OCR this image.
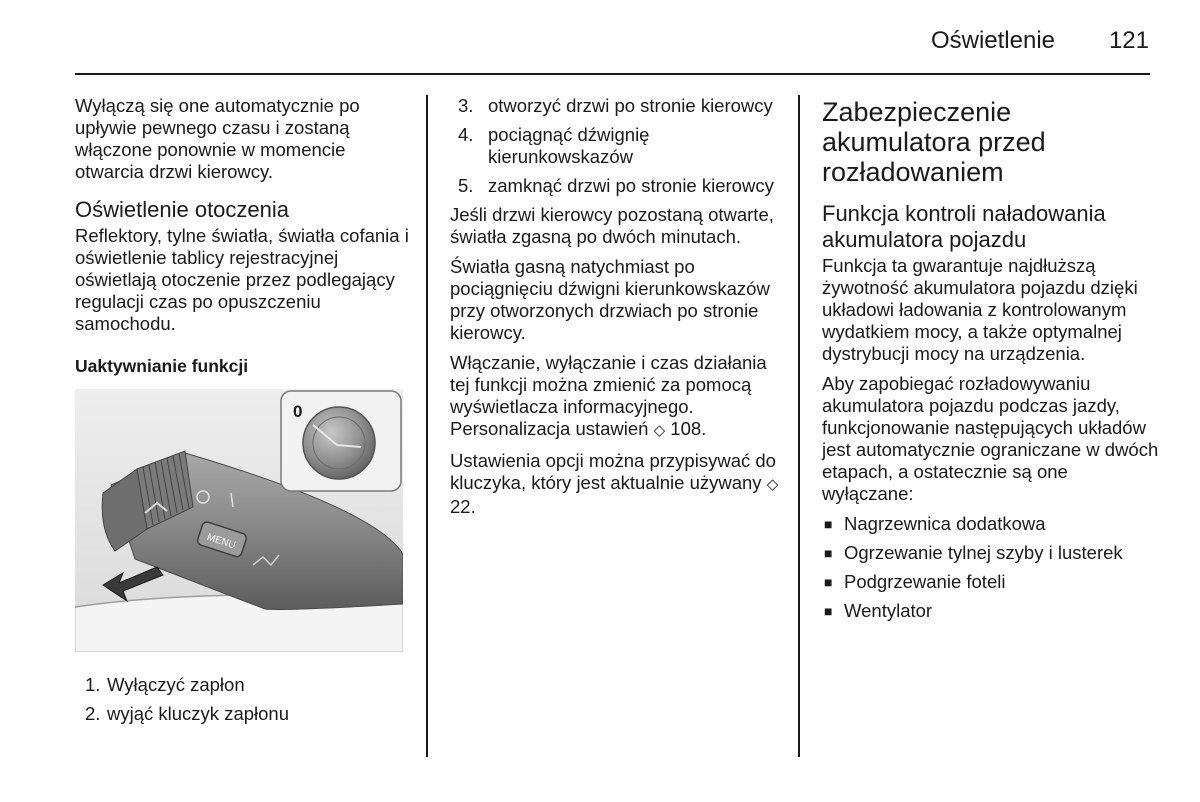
Oświetlenie 121

Wyłączą się one automatycznie po upływie pewnego czasu i zostaną włączone ponownie w momencie otwarcia drzwi kierowcy.

Oświetlenie otoczenia

Reflektory, tylne światła, światła cofania i oświetlenie tablicy rejestracyjnej oświetlają otoczenie przez podlegający regulacji czas po opuszczeniu samochodu.

Uaktywnianie funkcji
MENU
0
1. Wyłączyć zapłon
2. wyjąć kluczyk zapłonu
3. otworzyć drzwi po stronie kierowcy
4. pociągnąć dźwignię kierunkowskazów
5. zamknąć drzwi po stronie kierowcy

Jeśli drzwi kierowcy pozostaną otwarte, światła zgasną po dwóch minutach.

Światła gasną natychmiast po pociągnięciu dźwigni kierunkowskazów przy otworzonych drzwiach po stronie kierowcy.

Włączanie, wyłączanie i czas działania tej funkcji można zmienić za pomocą wyświetlacza informacyjnego. Personalizacja ustawień ◇ 108.

Ustawienia opcji można przypisywać do kluczyka, który jest aktualnie używany ◇ 22.

Zabezpieczenie akumulatora przed rozładowaniem
Funkcja kontroli naładowania akumulatora pojazdu

Funkcja ta gwarantuje najdłuższą żywotność akumulatora pojazdu dzięki układowi ładowania z kontrolowanym wydatkiem mocy, a także optymalnej dystrybucji mocy na urządzenia.

Aby zapobiegać rozładowywaniu akumulatora pojazdu podczas jazdy, funkcjonowanie następujących układów jest automatycznie ograniczane w dwóch etapach, a ostatecznie są one wyłączane:

■ Nagrzewnica dodatkowa
■ Ogrzewanie tylnej szyby i lusterek
■ Podgrzewanie foteli
■ Wentylator
